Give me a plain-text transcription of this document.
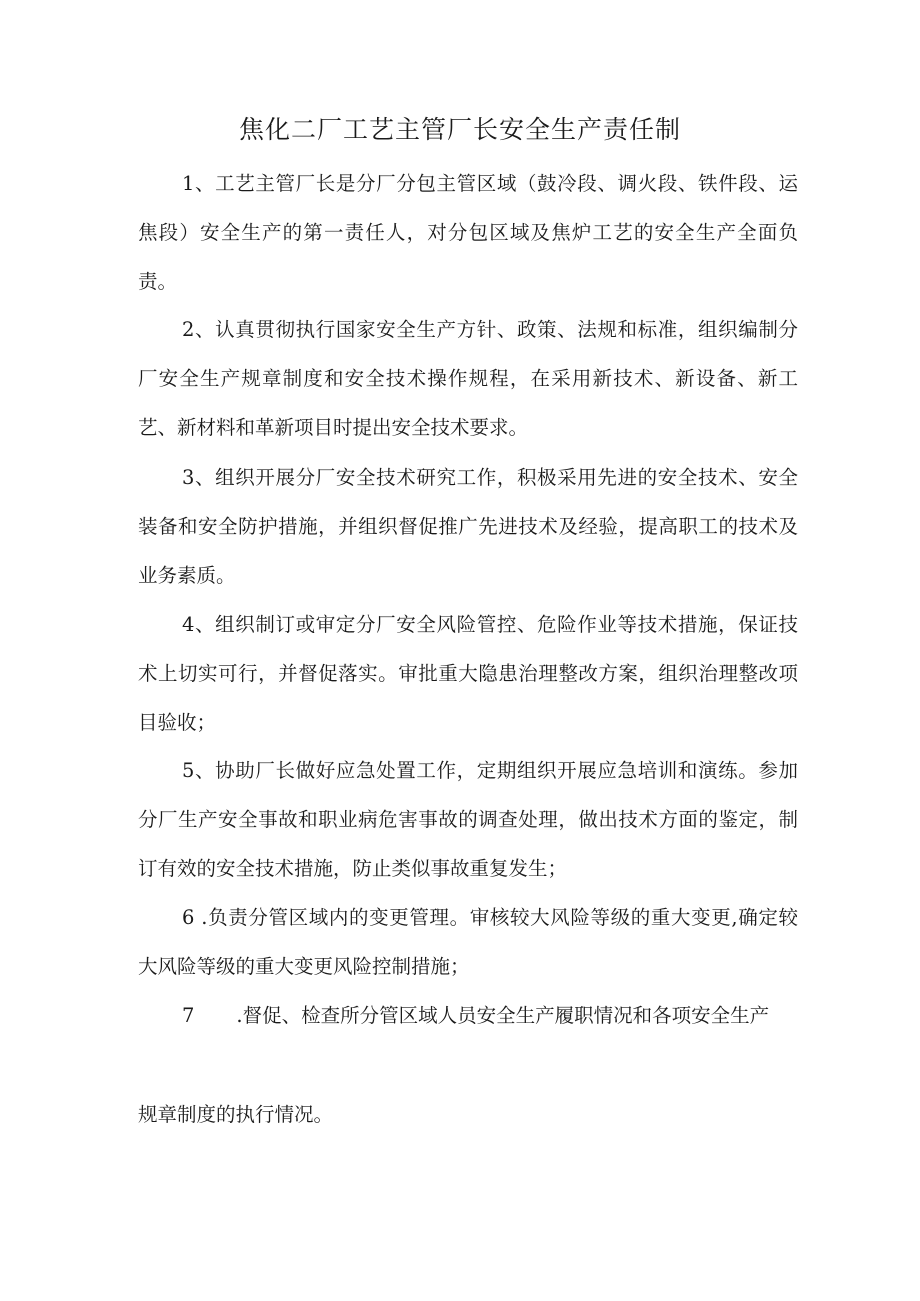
焦化二厂工艺主管厂长安全生产责任制

1、工艺主管厂长是分厂分包主管区域（鼓冷段、调火段、铁件段、运焦段）安全生产的第一责任人，对分包区域及焦炉工艺的安全生产全面负责。

2、认真贯彻执行国家安全生产方针、政策、法规和标准，组织编制分厂安全生产规章制度和安全技术操作规程，在采用新技术、新设备、新工艺、新材料和革新项目时提出安全技术要求。

3、组织开展分厂安全技术研究工作，积极采用先进的安全技术、安全装备和安全防护措施，并组织督促推广先进技术及经验，提高职工的技术及业务素质。

4、组织制订或审定分厂安全风险管控、危险作业等技术措施，保证技术上切实可行，并督促落实。审批重大隐患治理整改方案，组织治理整改项目验收；

5、协助厂长做好应急处置工作，定期组织开展应急培训和演练。参加分厂生产安全事故和职业病危害事故的调查处理，做出技术方面的鉴定，制订有效的安全技术措施，防止类似事故重复发生；

6 .负责分管区域内的变更管理。审核较大风险等级的重大变更,确定较大风险等级的重大变更风险控制措施；

7 .督促、检查所分管区域人员安全生产履职情况和各项安全生产

规章制度的执行情况。
